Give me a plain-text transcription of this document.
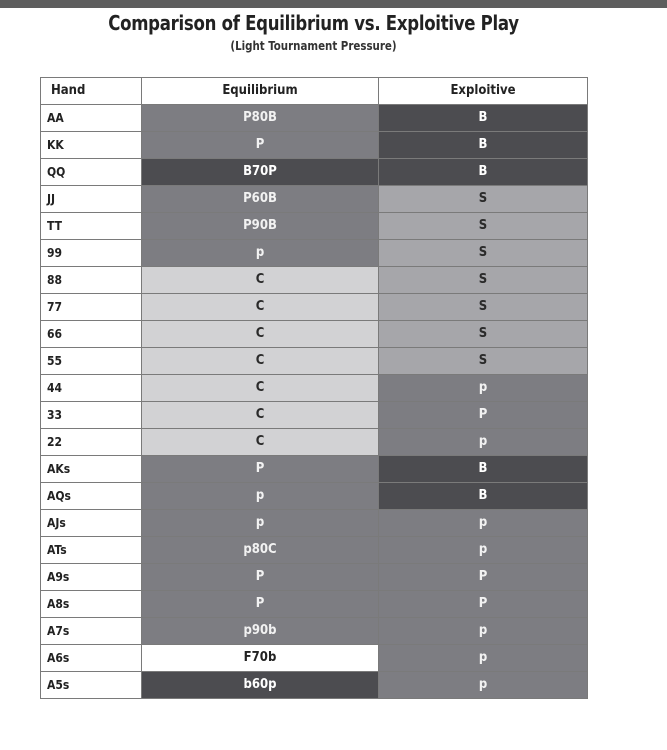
Comparison of Equilibrium vs. Exploitive Play
(Light Tournament Pressure)
Hand	Equilibrium	Exploitive
AA	P80B	B
KK	P	B
QQ	B70P	B
JJ	P60B	S
TT	P90B	S
99	p	S
88	C	S
77	C	S
66	C	S
55	C	S
44	C	p
33	C	P
22	C	p
AKs	P	B
AQs	p	B
AJs	p	p
ATs	p80C	p
A9s	P	P
A8s	P	P
A7s	p90b	p
A6s	F70b	p
A5s	b60p	p
